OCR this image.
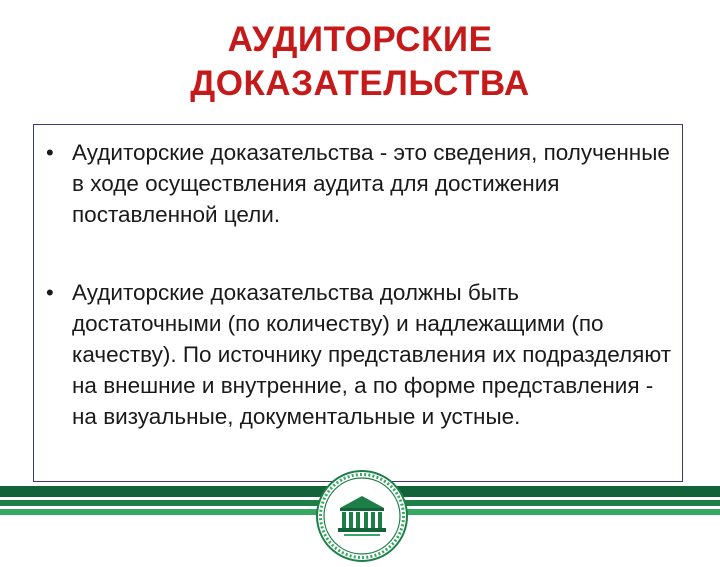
АУДИТОРСКИЕ
ДОКАЗАТЕЛЬСТВА
• Аудиторские доказательства - это сведения, полученные в ходе осуществления аудита для достижения поставленной цели.
• Аудиторские доказательства должны быть достаточными (по количеству) и надлежащими (по качеству). По источнику представления их подразделяют на внешние и внутренние, а по форме представления - на визуальные, документальные и устные.
